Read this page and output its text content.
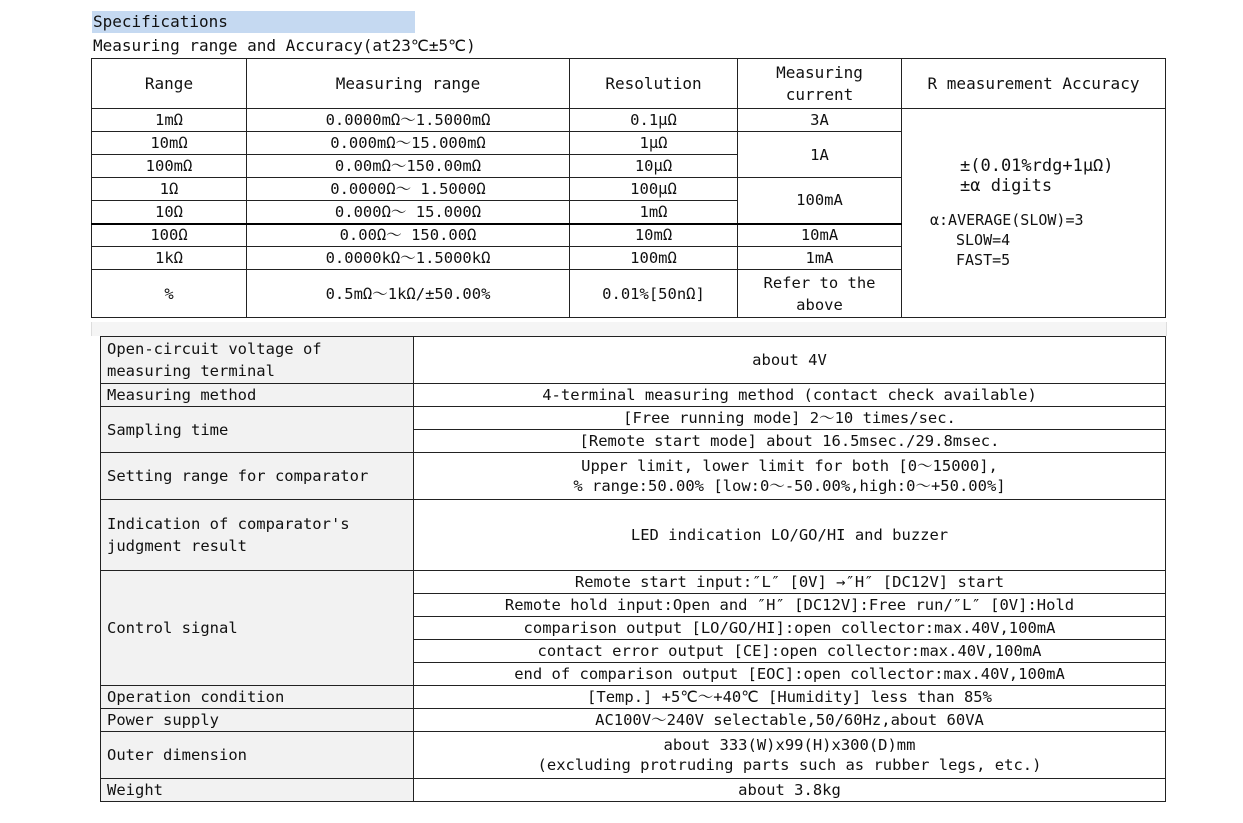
Specifications
Measuring range and Accuracy(at23℃±5℃)
Range	Measuring range	Resolution	Measuring current	R measurement Accuracy
1mΩ	0.0000mΩ～1.5000mΩ	0.1μΩ	3A	±(0.01%rdg+1μΩ)
±α digits
α:AVERAGE(SLOW)=3
SLOW=4
FAST=5

10mΩ	0.000mΩ～15.000mΩ	1μΩ	1A	
100mΩ	0.00mΩ～150.00mΩ	10μΩ		
1Ω	0.0000Ω～ 1.5000Ω	100μΩ	100mA	
10Ω	0.000Ω～ 15.000Ω	1mΩ		
100Ω	0.00Ω～ 150.00Ω	10mΩ	10mA	
1kΩ	0.0000kΩ～1.5000kΩ	100mΩ	1mA	
%	0.5mΩ～1kΩ/±50.00%	0.01%[50nΩ]	Refer to the above	
Open-circuit voltage of measuring terminal	about 4V
Measuring method	4-terminal measuring method (contact check available)
Sampling time	[Free running mode] 2～10 times/sec.
	[Remote start mode] about 16.5msec./29.8msec.
Setting range for comparator	Upper limit, lower limit for both [0～15000],
% range:50.00% [low:0～-50.00%,high:0～+50.00%]

Indication of comparator's judgment result	LED indication LO/GO/HI and buzzer
Control signal	Remote start input:″L″ [0V] →″H″ [DC12V] start
	Remote hold input:Open and ″H″ [DC12V]:Free run/″L″ [0V]:Hold
	comparison output [LO/GO/HI]:open collector:max.40V,100mA
	contact error output [CE]:open collector:max.40V,100mA
	end of comparison output [EOC]:open collector:max.40V,100mA
Operation condition	[Temp.] +5℃～+40℃ [Humidity] less than 85%
Power supply	AC100V～240V selectable,50/60Hz,about 60VA
Outer dimension	about 333(W)x99(H)x300(D)mm
(excluding protruding parts such as rubber legs, etc.)

Weight	about 3.8kg
